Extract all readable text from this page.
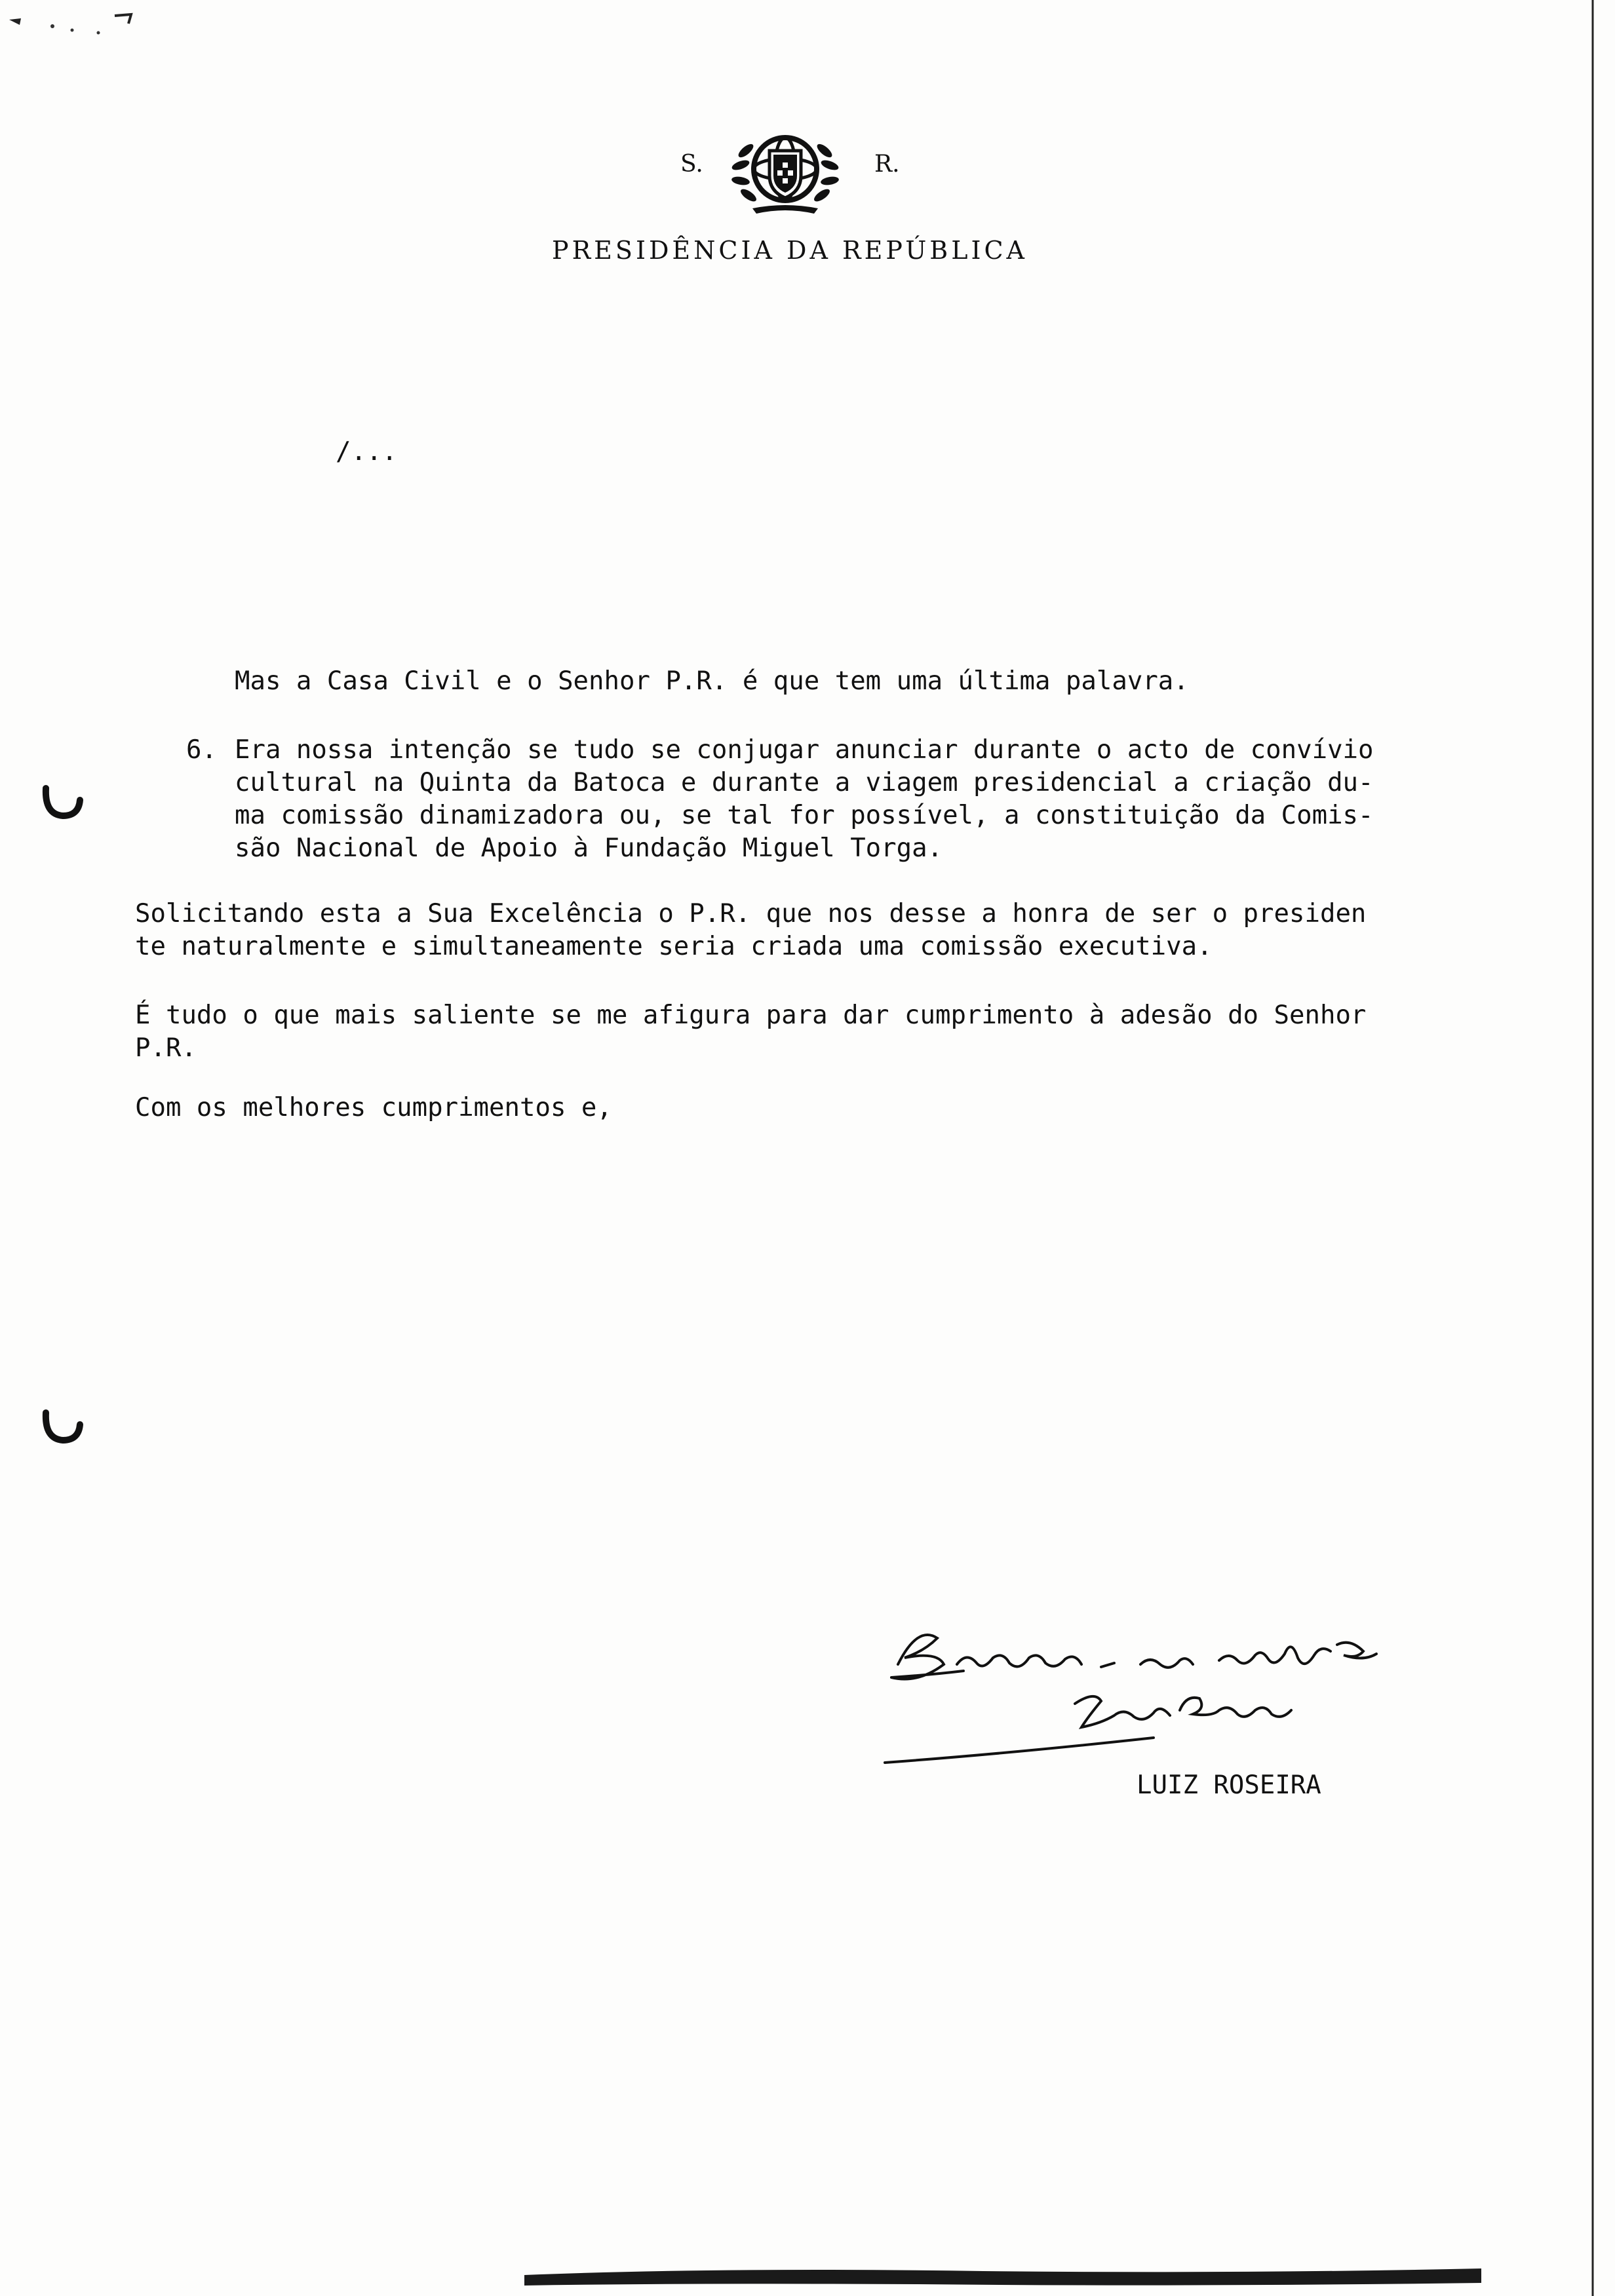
S.	R.
PRESIDÊNCIA DA REPÚBLICA
/...
Mas a Casa Civil e o Senhor P.R. é que tem uma última palavra.
6. Era nossa intenção se tudo se conjugar anunciar durante o acto de convívio
cultural na Quinta da Batoca e durante a viagem presidencial a criação du-
ma comissão dinamizadora ou, se tal for possível, a constituição da Comis-
são Nacional de Apoio à Fundação Miguel Torga.
Solicitando esta a Sua Excelência o P.R. que nos desse a honra de ser o presiden
te naturalmente e simultaneamente seria criada uma comissão executiva.
É tudo o que mais saliente se me afigura para dar cumprimento à adesão do Senhor
P.R.
Com os melhores cumprimentos e,
LUIZ ROSEIRA
